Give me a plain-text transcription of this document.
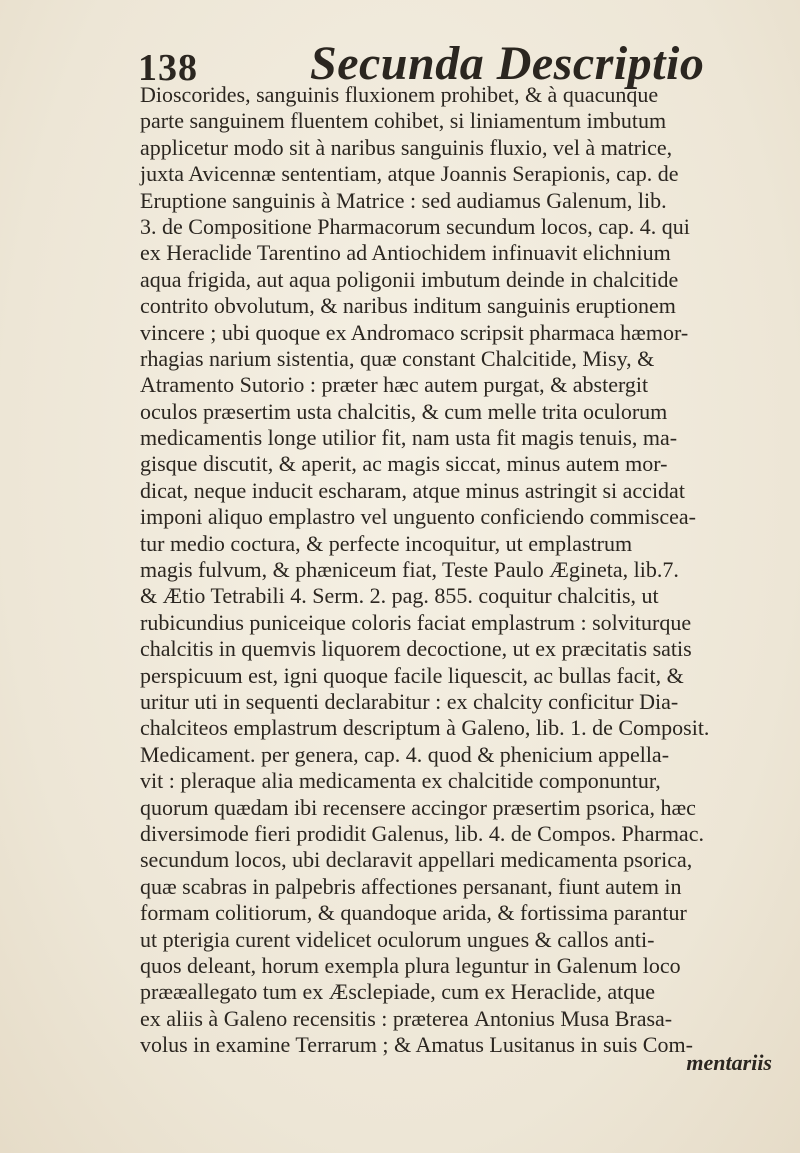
138 Secunda Descriptio
Dioscorides, sanguinis fluxionem prohibet, & à quacunque
parte sanguinem fluentem cohibet, si liniamentum imbutum
applicetur modo sit à naribus sanguinis fluxio, vel à matrice,
juxta Avicennæ sententiam, atque Joannis Serapionis, cap. de
Eruptione sanguinis à Matrice : sed audiamus Galenum, lib.
3. de Compositione Pharmacorum secundum locos, cap. 4. qui
ex Heraclide Tarentino ad Antiochidem infinuavit elichnium
aqua frigida, aut aqua poligonii imbutum deinde in chalcitide
contrito obvolutum, & naribus inditum sanguinis eruptionem
vincere ; ubi quoque ex Andromaco scripsit pharmaca hæmor-
rhagias narium sistentia, quæ constant Chalcitide, Misy, &
Atramento Sutorio : præter hæc autem purgat, & abstergit
oculos præsertim usta chalcitis, & cum melle trita oculorum
medicamentis longe utilior fit, nam usta fit magis tenuis, ma-
gisque discutit, & aperit, ac magis siccat, minus autem mor-
dicat, neque inducit escharam, atque minus astringit si accidat
imponi aliquo emplastro vel unguento conficiendo commiscea-
tur medio coctura, & perfecte incoquitur, ut emplastrum
magis fulvum, & phæniceum fiat, Teste Paulo Ægineta, lib.7.
& Ætio Tetrabili 4. Serm. 2. pag. 855. coquitur chalcitis, ut
rubicundius puniceique coloris faciat emplastrum : solviturque
chalcitis in quemvis liquorem decoctione, ut ex præcitatis satis
perspicuum est, igni quoque facile liquescit, ac bullas facit, &
uritur uti in sequenti declarabitur : ex chalcity conficitur Dia-
chalciteos emplastrum descriptum à Galeno, lib. 1. de Composit.
Medicament. per genera, cap. 4. quod & phenicium appella-
vit : pleraque alia medicamenta ex chalcitide componuntur,
quorum quædam ibi recensere accingor præsertim psorica, hæc
diversimode fieri prodidit Galenus, lib. 4. de Compos. Pharmac.
secundum locos, ubi declaravit appellari medicamenta psorica,
quæ scabras in palpebris affectiones persanant, fiunt autem in
formam colitiorum, & quandoque arida, & fortissima parantur
ut pterigia curent videlicet oculorum ungues & callos anti-
quos deleant, horum exempla plura leguntur in Galenum loco
prææallegato tum ex Æsclepiade, cum ex Heraclide, atque
ex aliis à Galeno recensitis : prætereа Antonius Musa Brasa-
volus in examine Terrarum ; & Amatus Lusitanus in suis Com-
mentariis
